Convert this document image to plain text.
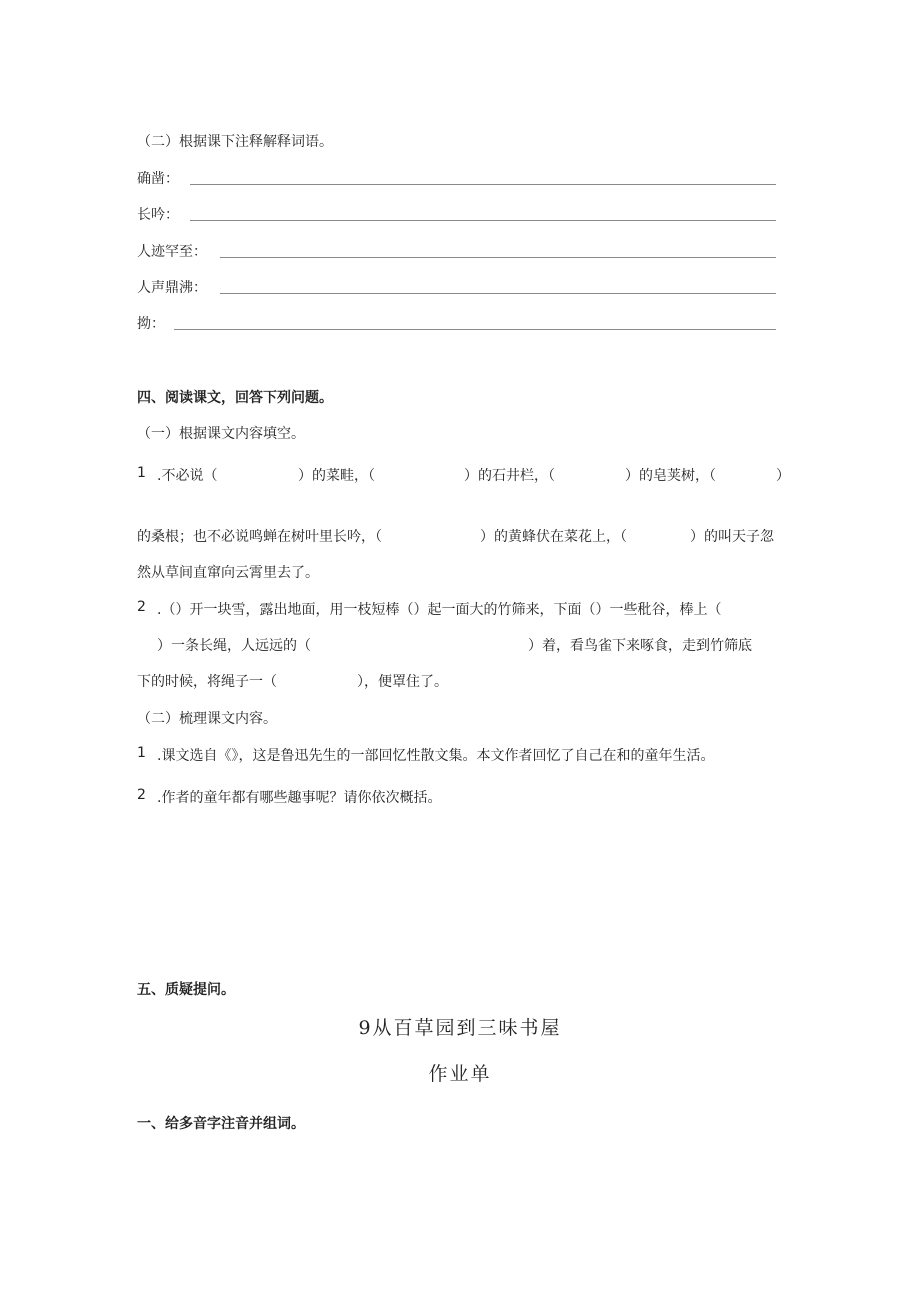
（二）根据课下注释解释词语。
确凿：
长吟：
人迹罕至：
人声鼎沸：
拗：
四、阅读课文，回答下列问题。
（一）根据课文内容填空。
1 .不必说（	）的菜畦，（	）的石井栏，（	）的皂荚树，（	）
的桑根；也不必说鸣蝉在树叶里长吟，（	）的黄蜂伏在菜花上，（	）的叫天子忽
然从草间直窜向云霄里去了。
2 .（）开一块雪，露出地面，用一枝短棒（）起一面大的竹筛来，下面（）一些秕谷，棒上（
）一条长绳，人远远的（	）着，看鸟雀下来啄食，走到竹筛底
下的时候，将绳子一（	），便罩住了。
（二）梳理课文内容。
1 .课文选自《》，这是鲁迅先生的一部回忆性散文集。本文作者回忆了自己在和的童年生活。
2 .作者的童年都有哪些趣事呢？请你依次概括。
五、质疑提问。
9从百草园到三味书屋
作业单
一、给多音字注音并组词。
